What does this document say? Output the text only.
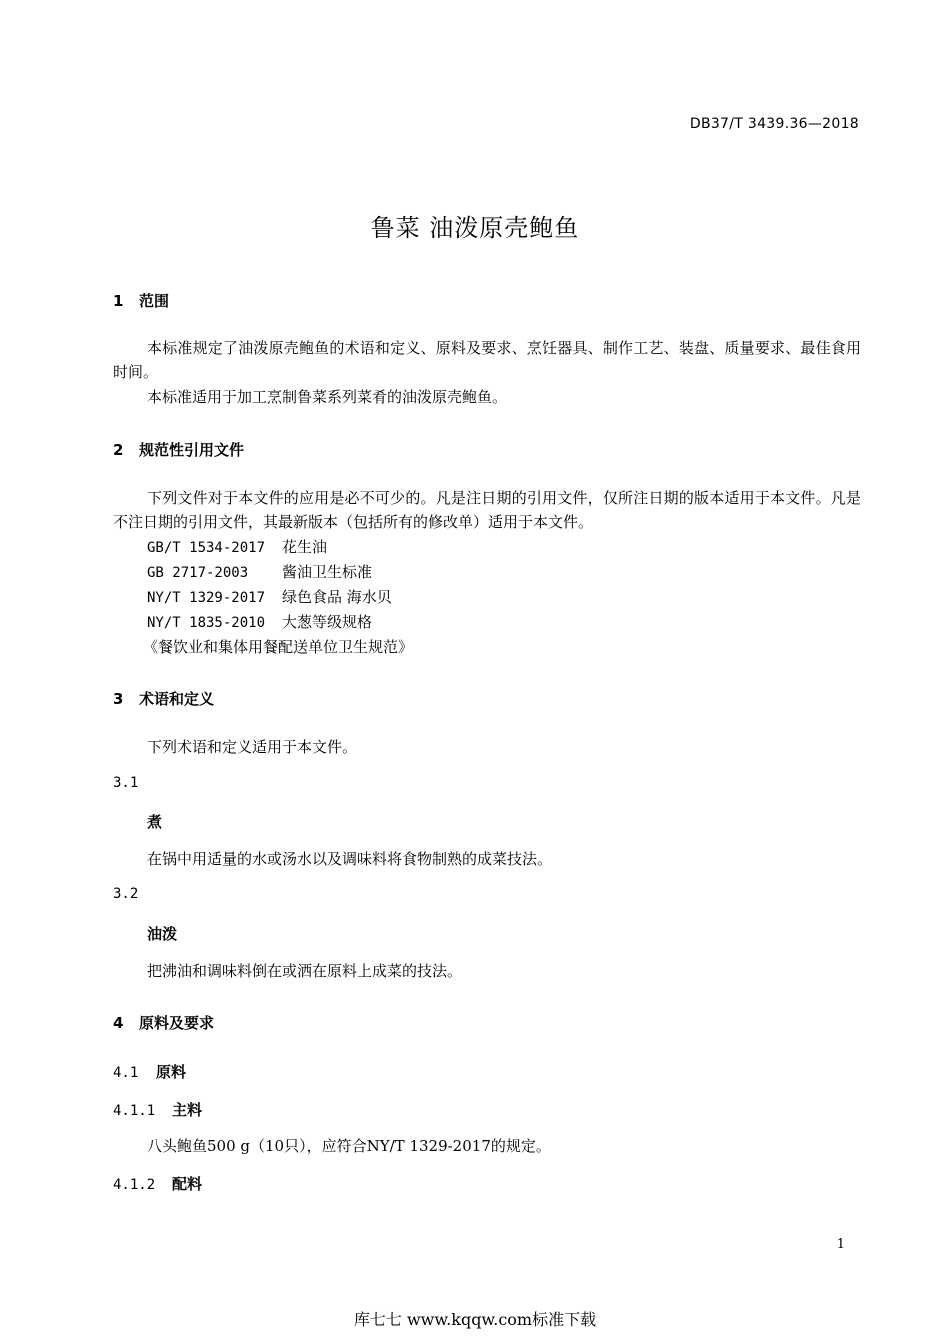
DB37/T 3439.36—2018
鲁菜 油泼原壳鲍鱼
1 范围
本标准规定了油泼原壳鲍鱼的术语和定义、原料及要求、烹饪器具、制作工艺、装盘、质量要求、最佳食用时间。
本标准适用于加工烹制鲁菜系列菜肴的油泼原壳鲍鱼。
2 规范性引用文件
下列文件对于本文件的应用是必不可少的。凡是注日期的引用文件，仅所注日期的版本适用于本文件。凡是不注日期的引用文件，其最新版本（包括所有的修改单）适用于本文件。
GB/T 1534-2017 花生油
GB 2717-2003 酱油卫生标准
NY/T 1329-2017 绿色食品 海水贝
NY/T 1835-2010 大葱等级规格
《餐饮业和集体用餐配送单位卫生规范》
3 术语和定义
下列术语和定义适用于本文件。
3.1
煮
在锅中用适量的水或汤水以及调味料将食物制熟的成菜技法。
3.2
油泼
把沸油和调味料倒在或洒在原料上成菜的技法。
4 原料及要求
4.1 原料
4.1.1 主料
八头鲍鱼500 g（10只），应符合NY/T 1329-2017的规定。
4.1.2 配料
1
库七七 www.kqqw.com标准下载
